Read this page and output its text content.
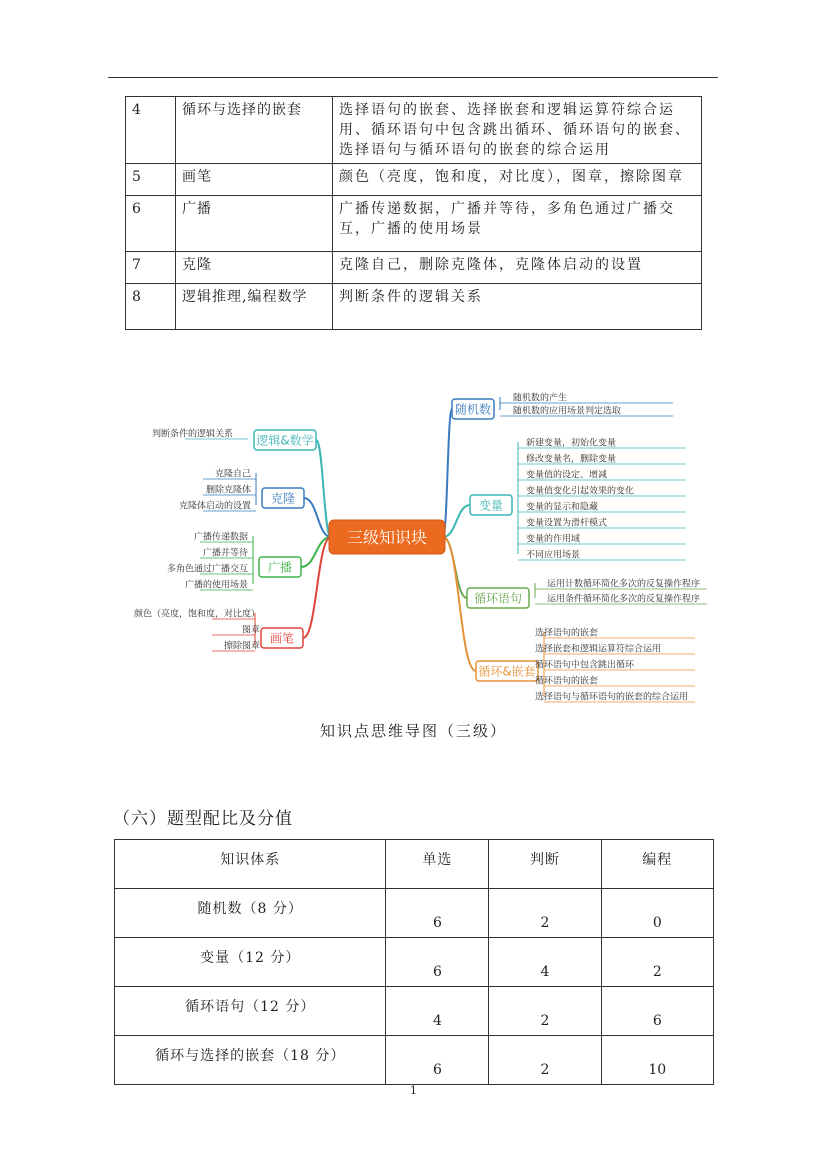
4	循环与选择的嵌套	选择语句的嵌套、选择嵌套和逻辑运算符综合运
用、循环语句中包含跳出循环、循环语句的嵌套、
选择语句与循环语句的嵌套的综合运用
5	画笔	颜色（亮度，饱和度，对比度），图章，擦除图章
6	广播	广播传递数据，广播并等待，多角色通过广播交
互，广播的使用场景
7	克隆	克隆自己，删除克隆体，克隆体启动的设置
8	逻辑推理,编程数学	判断条件的逻辑关系
逻辑&数学
判断条件的逻辑关系
克隆
克隆自己
删除克隆体
克隆体启动的设置
广播
广播传递数据
广播并等待
多角色通过广播交互
广播的使用场景
画笔
颜色（亮度，饱和度，对比度）
图章
擦除图章
随机数
随机数的产生
随机数的应用场景判定选取
变量
新建变量，初始化变量
修改变量名，删除变量
变量值的设定、增减
变量值变化引起效果的变化
变量的显示和隐藏
变量设置为滑杆模式
变量的作用域
不同应用场景
循环语句
运用计数循环简化多次的反复操作程序
运用条件循环简化多次的反复操作程序
循环&嵌套
选择语句的嵌套
选择嵌套和逻辑运算符综合运用
循环语句中包含跳出循环
循环语句的嵌套
选择语句与循环语句的嵌套的综合运用
三级知识块
知识点思维导图（三级）
（六）题型配比及分值
知识体系	单选	判断	编程
随机数（8 分）	6	2	0
变量（12 分）	6	4	2
循环语句（12 分）	4	2	6
循环与选择的嵌套（18 分）	6	2	10
1
